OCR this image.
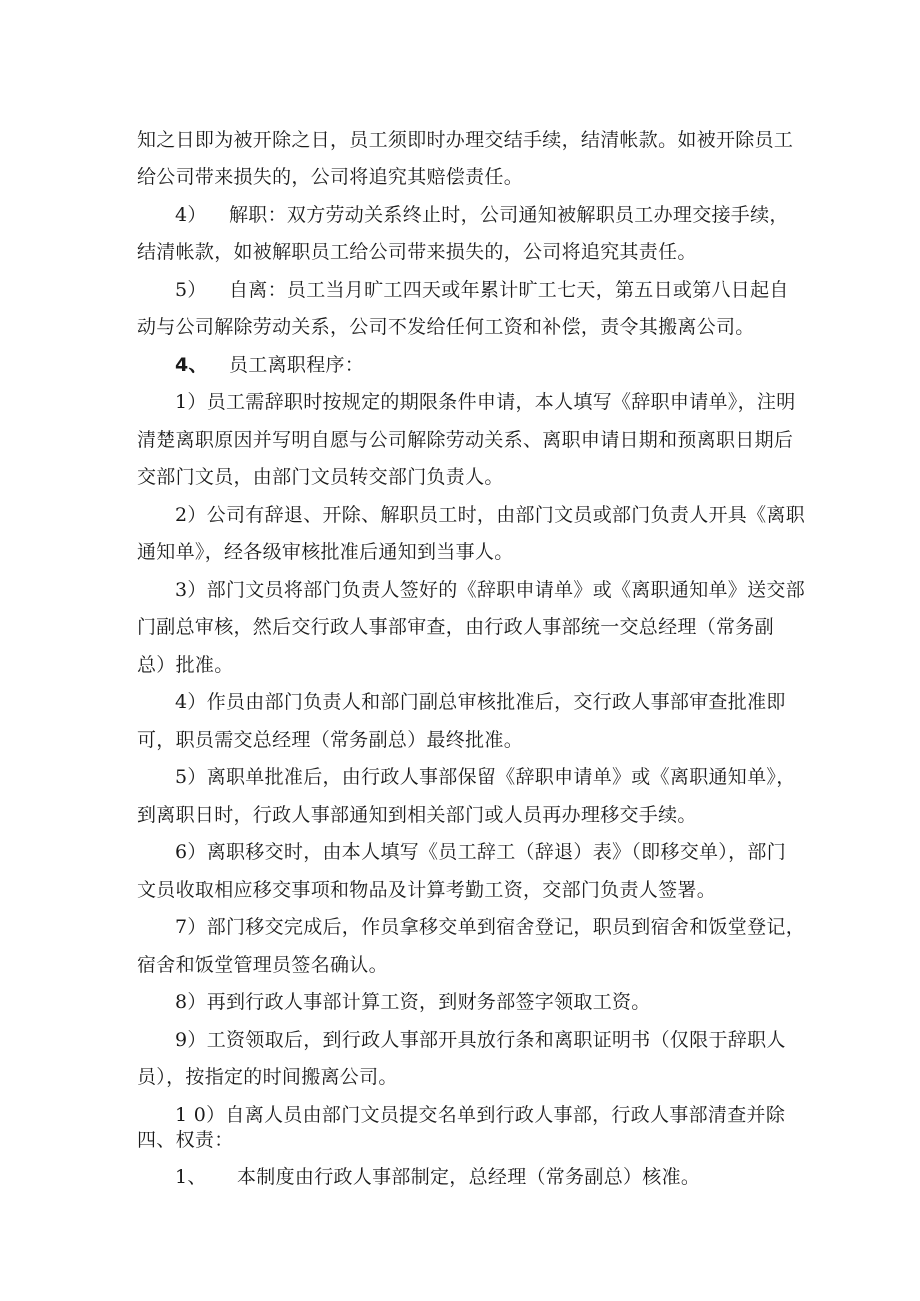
知之日即为被开除之日，员工须即时办理交结手续，结清帐款。如被开除员工
给公司带来损失的，公司将追究其赔偿责任。
4） 解职：双方劳动关系终止时，公司通知被解职员工办理交接手续，
结清帐款，如被解职员工给公司带来损失的，公司将追究其责任。
5） 自离：员工当月旷工四天或年累计旷工七天，第五日或第八日起自
动与公司解除劳动关系，公司不发给任何工资和补偿，责令其搬离公司。
4、 员工离职程序：
1）员工需辞职时按规定的期限条件申请，本人填写《辞职申请单》，注明
清楚离职原因并写明自愿与公司解除劳动关系、离职申请日期和预离职日期后
交部门文员，由部门文员转交部门负责人。
2）公司有辞退、开除、解职员工时，由部门文员或部门负责人开具《离职
通知单》，经各级审核批准后通知到当事人。
3）部门文员将部门负责人签好的《辞职申请单》或《离职通知单》送交部
门副总审核，然后交行政人事部审查，由行政人事部统一交总经理（常务副
总）批准。
4）作员由部门负责人和部门副总审核批准后，交行政人事部审查批准即
可，职员需交总经理（常务副总）最终批准。
5）离职单批准后，由行政人事部保留《辞职申请单》或《离职通知单》，
到离职日时，行政人事部通知到相关部门或人员再办理移交手续。
6）离职移交时，由本人填写《员工辞工（辞退）表》（即移交单），部门
文员收取相应移交事项和物品及计算考勤工资，交部门负责人签署。
7）部门移交完成后，作员拿移交单到宿舍登记，职员到宿舍和饭堂登记，
宿舍和饭堂管理员签名确认。
8）再到行政人事部计算工资，到财务部签字领取工资。
9）工资领取后，到行政人事部开具放行条和离职证明书（仅限于辞职人
员），按指定的时间搬离公司。
1 0）自离人员由部门文员提交名单到行政人事部，行政人事部清查并除
四、权责：
1、 本制度由行政人事部制定，总经理（常务副总）核准。
